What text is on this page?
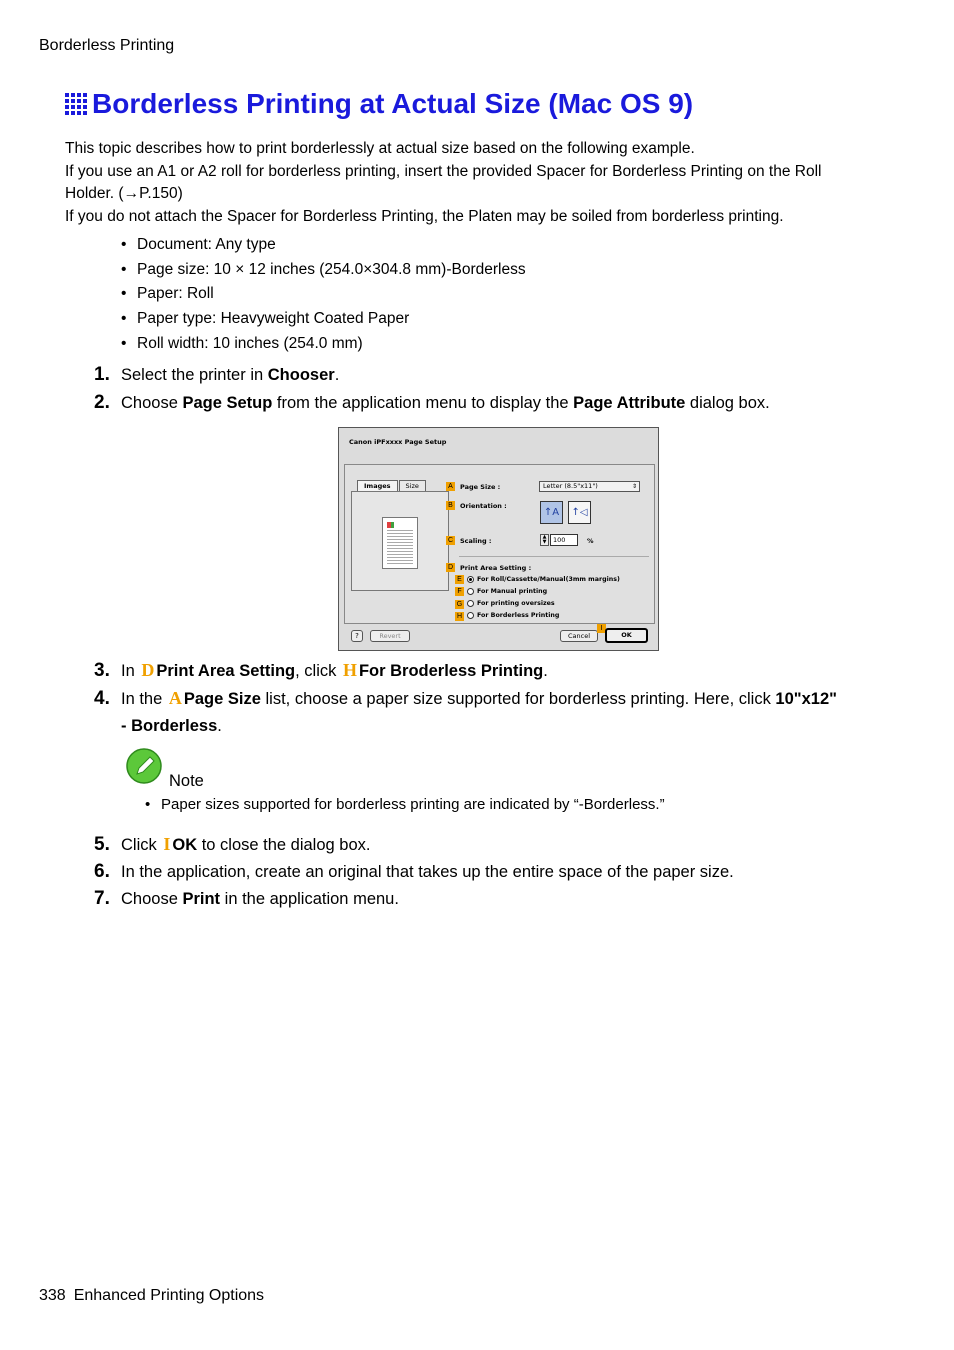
Borderless Printing
Borderless Printing at Actual Size (Mac OS 9)

This topic describes how to print borderlessly at actual size based on the following example.

If you use an A1 or A2 roll for borderless printing, insert the provided Spacer for Borderless Printing on the Roll Holder. (→P.150)

If you do not attach the Spacer for Borderless Printing, the Platen may be soiled from borderless printing.

• Document: Any type
• Page size: 10 × 12 inches (254.0×304.8 mm)-Borderless
• Paper: Roll
• Paper type: Heavyweight Coated Paper
• Roll width: 10 inches (254.0 mm)
1. Select the printer in Chooser.
2. Choose Page Setup from the application menu to display the Page Attribute dialog box.
Canon iPFxxxx Page Setup
Images	Size	A	Page Size :	Letter (8.5"x11")	⇕
B	Orientation :
↑A	↑◁
C	Scaling :	▲
▼	100	%
D	Print Area Setting :
E	For Roll/Cassette/Manual(3mm margins)
F	For Manual printing
G For printing oversizes
H	For Borderless Printing
?	Revert	Cancel
I
OK
3. In D Print Area Setting, click H For Broderless Printing.
4. In the A Page Size list, choose a paper size supported for borderless printing. Here, click 10"x12" - Borderless.
Note
• Paper sizes supported for borderless printing are indicated by “-Borderless.”
5. Click I OK to close the dialog box.
6. In the application, create an original that takes up the entire space of the paper size.
7. Choose Print in the application menu.
338 Enhanced Printing Options
